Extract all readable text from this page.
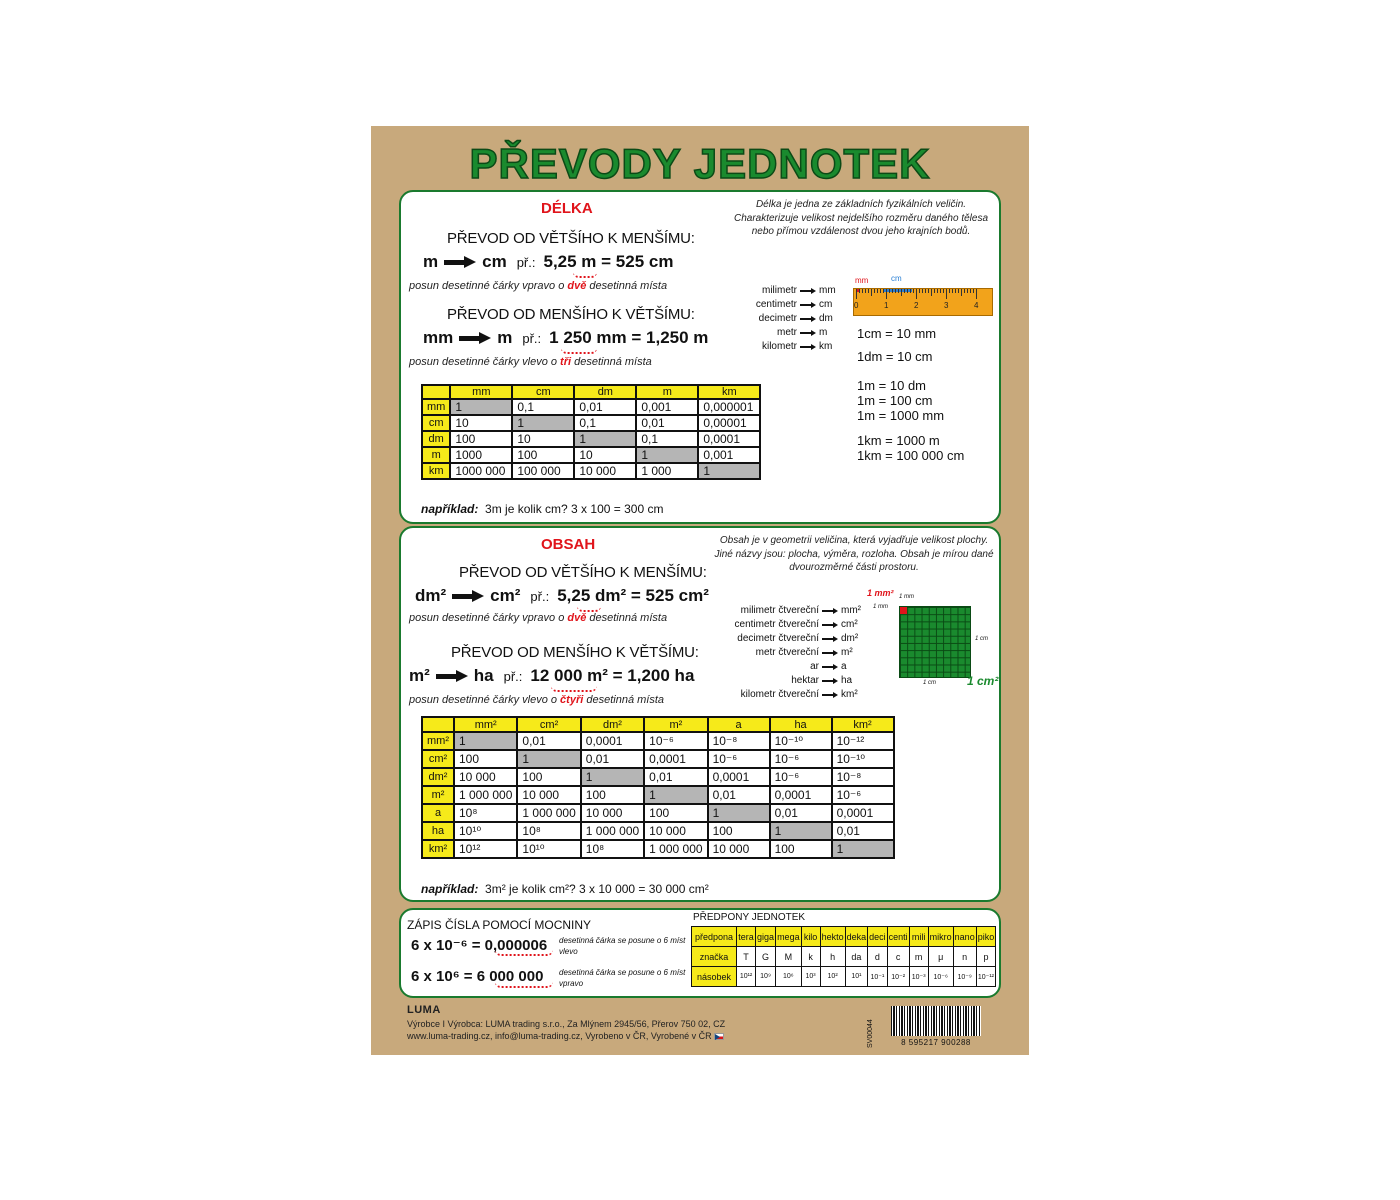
PŘEVODY JEDNOTEK
DÉLKA	Délka je jedna ze základních fyzikálních veličin. Charakterizuje velikost nejdelšího rozměru daného tělesa nebo přímou vzdálenost dvou jeho krajních bodů.
PŘEVOD OD VĚTŠÍHO K MENŠÍMU:
m	cm př.: 5,25 m = 525 cm
posun desetinné čárky vpravo o dvě desetinná místa
PŘEVOD OD MENŠÍHO K VĚTŠÍMU:
mm	m př.: 1 250 mm = 1,250 m
posun desetinné čárky vlevo o tři desetinná místa
milimetr mm
centimetr cm
decimetr dm
metr m
kilometr km
0	1	2	3	4
mm	cm
1cm = 10 mm
1dm = 10 cm
1m = 10 dm
1m = 100 cm
1m = 1000 mm
1km = 1000 m
1km = 100 000 cm
	mm	cm	dm	m	km
mm	1	0,1	0,01	0,001	0,000001
cm	10	1	0,1	0,01	0,00001
dm	100	10	1	0,1	0,0001
m	1000	100	10	1	0,001
km	1000 000	100 000	10 000	1 000	1
například: 3m je kolik cm? 3 x 100 = 300 cm
OBSAH	Obsah je v geometrii veličina, která vyjadřuje velikost plochy. Jiné názvy jsou: plocha, výměra, rozloha. Obsah je mírou dané dvourozměrné části prostoru.
PŘEVOD OD VĚTŠÍHO K MENŠÍMU:
dm²	cm² př.: 5,25 dm² = 525 cm²
posun desetinné čárky vpravo o dvě desetinná místa
PŘEVOD OD MENŠÍHO K VĚTŠÍMU:
m²	ha př.: 12 000 m² = 1,200 ha
posun desetinné čárky vlevo o čtyři desetinná místa
milimetr čtvereční mm²
centimetr čtvereční cm²
decimetr čtvereční dm²
metr čtvereční m²
ar a
hektar ha
kilometr čtvereční km²
1 mm² 1 mm
1 mm
1 cm
1 cm	1 cm²
	mm²	cm²	dm²	m²	a	ha	km²
mm²	1	0,01	0,0001	10⁻⁶	10⁻⁸	10⁻¹⁰	10⁻¹²
cm²	100	1	0,01	0,0001	10⁻⁶	10⁻⁶	10⁻¹⁰
dm²	10 000	100	1	0,01	0,0001	10⁻⁶	10⁻⁸
m²	1 000 000	10 000	100	1	0,01	0,0001	10⁻⁶
a	10⁸	1 000 000	10 000	100	1	0,01	0,0001
ha	10¹⁰	10⁸	1 000 000	10 000	100	1	0,01
km²	10¹²	10¹⁰	10⁸	1 000 000	10 000	100	1
například: 3m² je kolik cm²? 3 x 10 000 = 30 000 cm²
ZÁPIS ČÍSLA POMOCÍ MOCNINY
6 x 10⁻⁶ = 0,000006 desetinná čárka se posune o 6 míst vlevo
6 x 10⁶ = 6 000 000 desetinná čárka se posune o 6 míst vpravo
PŘEDPONY JEDNOTEK
předpona	tera	giga	mega	kilo	hekto	deka	deci	centi	mili	mikro	nano	piko
značka	T	G	M	k	h	da	d	c	m	μ	n	p
násobek	10¹²	10⁹	10⁶	10³	10²	10¹	10⁻¹	10⁻²	10⁻³	10⁻⁶	10⁻⁹	10⁻¹²
LUMA
Výrobce I Výrobca: LUMA trading s.r.o., Za Mlýnem 2945/56, Přerov 750 02, CZ
www.luma-trading.cz, info@luma-trading.cz, Vyrobeno v ČR, Vyrobené v ČR	SV00044	8 595217 900288
